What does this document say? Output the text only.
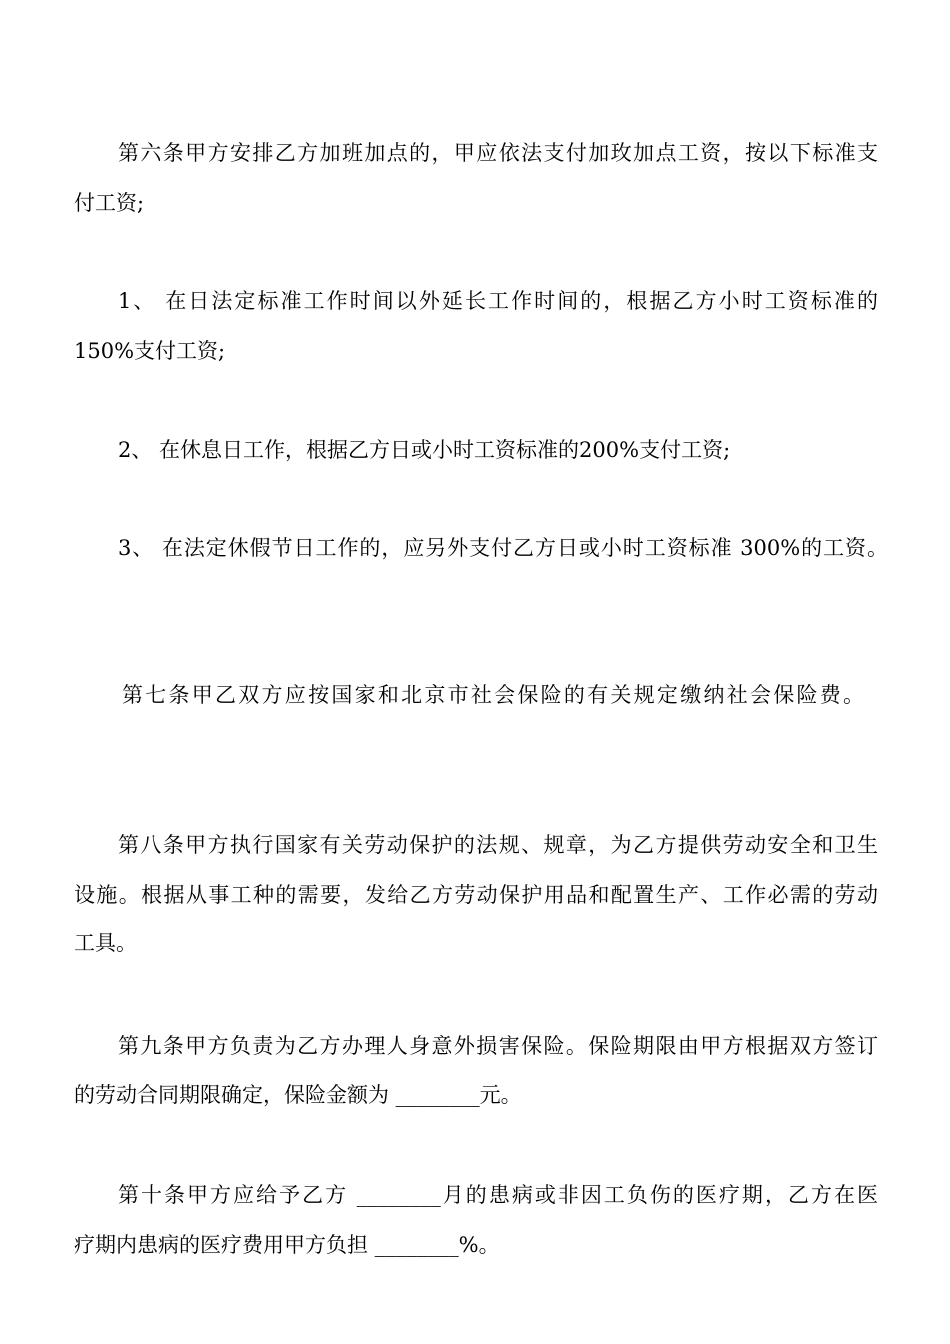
第六条甲方安排乙方加班加点的，甲应依法支付加玫加点工资，按以下标准支
付工资;
1、 在日法定标准工作时间以外延长工作时间的，根据乙方小时工资标准的
150%支付工资;
2、 在休息日工作，根据乙方日或小时工资标准的200%支付工资;
3、 在法定休假节日工作的，应另外支付乙方日或小时工资标准 300%的工资。
第七条甲乙双方应按国家和北京市社会保险的有关规定缴纳社会保险费。
第八条甲方执行国家有关劳动保护的法规、规章，为乙方提供劳动安全和卫生
设施。根据从事工种的需要，发给乙方劳动保护用品和配置生产、工作必需的劳动
工具。
第九条甲方负责为乙方办理人身意外损害保险。保险期限由甲方根据双方签订
的劳动合同期限确定，保险金额为 ________元。
第十条甲方应给予乙方 ________月的患病或非因工负伤的医疗期，乙方在医
疗期内患病的医疗费用甲方负担 ________%。
